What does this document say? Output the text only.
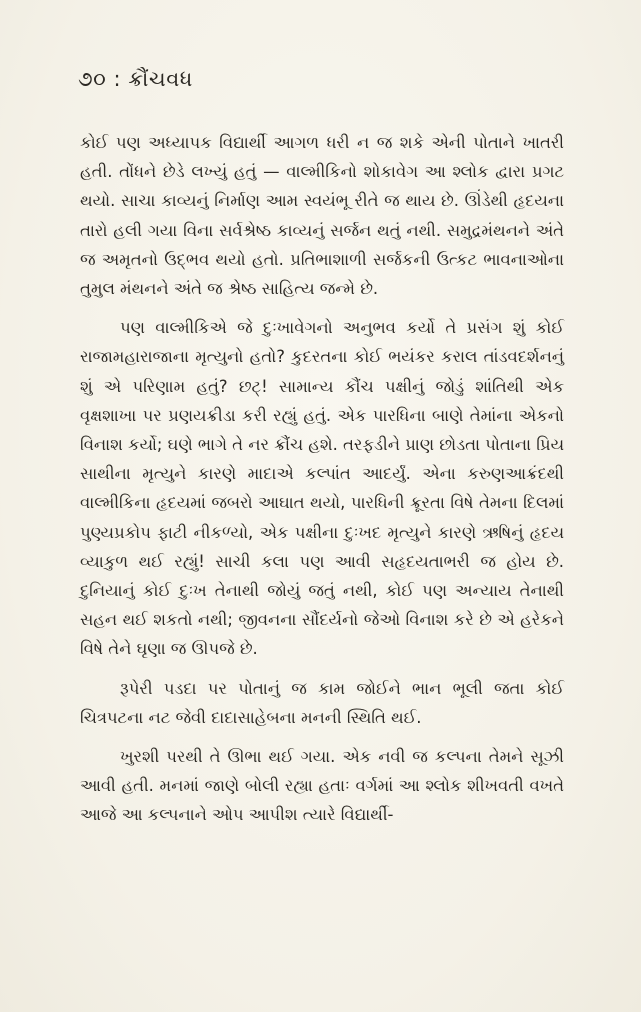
૭૦ : ક્રૌંચવધ

કોઈ પણ અધ્યાપક વિદ્યાર્થી આગળ ધરી ન જ શકે એની પોતાને ખાતરી હતી. તોંધને છેડે લખ્યું હતું — વાલ્મીકિનો શોકાવેગ આ શ્લોક દ્વારા પ્રગટ થયો. સાચા કાવ્યનું નિર્માણ આમ સ્વયંભૂ રીતે જ થાય છે. ઊંડેથી હૃદયના તારો હલી ગયા વિના સર્વશ્રેષ્ઠ કાવ્યનું સર્જન થતું નથી. સમુદ્રમંથનને અંતે જ અમૃતનો ઉદ્ભવ થયો હતો. પ્રતિભાશાળી સર્જકની ઉત્કટ ભાવનાઓના તુમુલ મંથનને અંતે જ શ્રેષ્ઠ સાહિત્ય જન્મે છે.

પણ વાલ્મીકિએ જે દુઃખાવેગનો અનુભવ કર્યો તે પ્રસંગ શું કોઈ રાજામહારાજાના મૃત્યુનો હતો? કુદરતના કોઈ ભયંકર કરાલ તાંડવદર્શનનું શું એ પરિણામ હતું? છટ્! સામાન્ય કૌંચ પક્ષીનું જોડું શાંતિથી એક વૃક્ષશાખા પર પ્રણયક્રીડા કરી રહ્યું હતું. એક પારધિના બાણે તેમાંના એકનો વિનાશ કર્યો; ઘણે ભાગે તે નર ક્રૌંચ હશે. તરફડીને પ્રાણ છોડતા પોતાના પ્રિય સાથીના મૃત્યુને કારણે માદાએ કલ્પાંત આદર્યું. એના કરુણઆક્રંદથી વાલ્મીકિના હૃદયમાં જબરો આઘાત થયો, પારધિની ક્રૂરતા વિષે તેમના દિલમાં પુણ્યપ્રકોપ ફાટી નીકળ્યો, એક પક્ષીના દુઃખદ મૃત્યુને કારણે ઋષિનું હૃદય વ્યાકુળ થઈ રહ્યું! સાચી કલા પણ આવી સહૃદયતાભરી જ હોય છે. દુનિયાનું કોઈ દુઃખ તેનાથી જોયું જતું નથી, કોઈ પણ અન્યાય તેનાથી સહન થઈ શકતો નથી; જીવનના સૌંદર્યનો જેઓ વિનાશ કરે છે એ હરેકને વિષે તેને ઘૃણા જ ઊપજે છે.

રૂપેરી પડદા પર પોતાનું જ કામ જોઈને ભાન ભૂલી જતા કોઈ ચિત્રપટના નટ જેવી દાદાસાહેબના મનની સ્થિતિ થઈ.

ખુરશી પરથી તે ઊભા થઈ ગયા. એક નવી જ કલ્પના તેમને સૂઝી આવી હતી. મનમાં જાણે બોલી રહ્યા હતાઃ વર્ગમાં આ શ્લોક શીખવતી વખતે આજે આ કલ્પનાને ઓપ આપીશ ત્યારે વિદ્યાર્થી-
